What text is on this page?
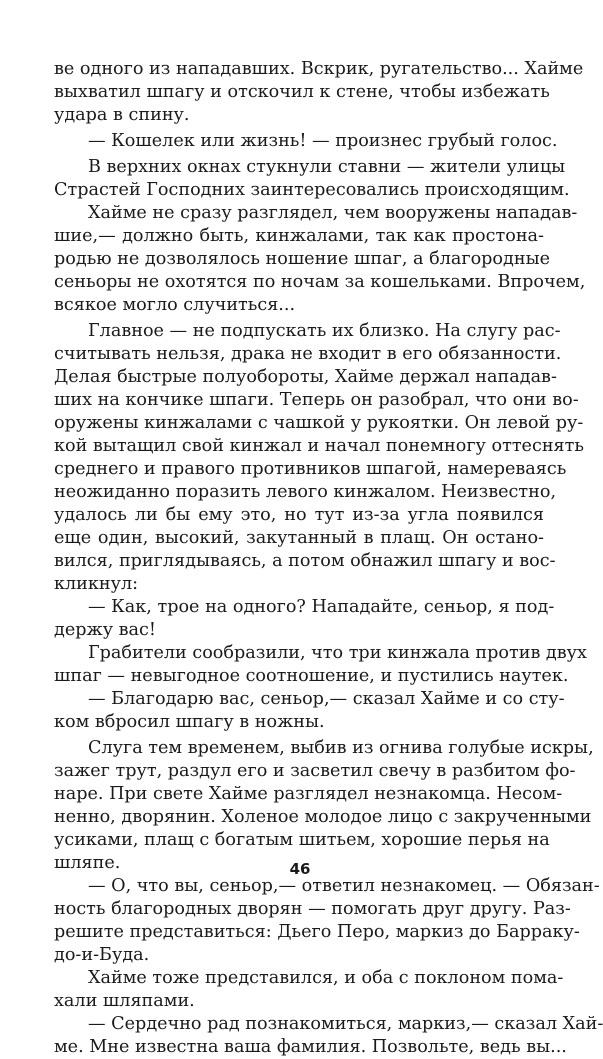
ве одного из нападавших. Вскрик, ругательство... Хайме
выхватил шпагу и отскочил к стене, чтобы избежать
удара в спину.
— Кошелек или жизнь! — произнес грубый голос.
В верхних окнах стукнули ставни — жители улицы
Страстей Господних заинтересовались происходящим.
Хайме не сразу разглядел, чем вооружены нападав-
шие,— должно быть, кинжалами, так как простона-
родью не дозволялось ношение шпаг, а благородные
сеньоры не охотятся по ночам за кошельками. Впрочем,
всякое могло случиться...
Главное — не подпускать их близко. На слугу рас-
считывать нельзя, драка не входит в его обязанности.
Делая быстрые полуобороты, Хайме держал нападав-
ших на кончике шпаги. Теперь он разобрал, что они во-
оружены кинжалами с чашкой у рукоятки. Он левой ру-
кой вытащил свой кинжал и начал понемногу оттеснять
среднего и правого противников шпагой, намереваясь
неожиданно поразить левого кинжалом. Неизвестно,
удалось ли бы ему это, но тут из-за угла появился
еще один, высокий, закутанный в плащ. Он остано-
вился, приглядываясь, а потом обнажил шпагу и вос-
кликнул:
— Как, трое на одного? Нападайте, сеньор, я под-
держу вас!
Грабители сообразили, что три кинжала против двух
шпаг — невыгодное соотношение, и пустились наутек.
— Благодарю вас, сеньор,— сказал Хайме и со сту-
ком вбросил шпагу в ножны.
Слуга тем временем, выбив из огнива голубые искры,
зажег трут, раздул его и засветил свечу в разбитом фо-
наре. При свете Хайме разглядел незнакомца. Несом-
ненно, дворянин. Холеное молодое лицо с закрученными
усиками, плащ с богатым шитьем, хорошие перья на
шляпе.
— О, что вы, сеньор,— ответил незнакомец. — Обязан-
ность благородных дворян — помогать друг другу. Раз-
решите представиться: Дьего Перо, маркиз до Барраку-
до-и-Буда.
Хайме тоже представился, и оба с поклоном пома-
хали шляпами.
— Сердечно рад познакомиться, маркиз,— сказал Хай-
ме. Мне известна ваша фамилия. Позвольте, ведь вы...
46
